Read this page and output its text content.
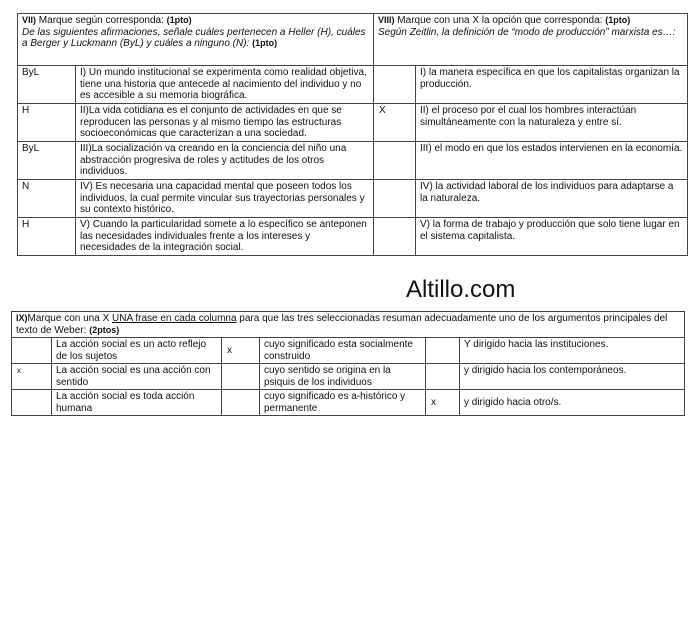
VII) Marque según corresponda: (1pto)
De las siguientes afirmaciones, señale cuáles pertenecen a Heller (H), cuáles a Berger y Luckmann (ByL) y cuáles a ninguno (N): (1pto)		VIII) Marque con una X la opción que corresponda: (1pto)
Según Zeitlin, la definición de “modo de producción” marxista es…:	
ByL	I) Un mundo institucional se experimenta como realidad objetiva, tiene una historia que antecede al nacimiento del individuo y no es accesible a su memoria biográfica.		I) la manera específica en que los capitalistas organizan la producción.
H	II)La vida cotidiana es el conjunto de actividades en que se reproducen las personas y al mismo tiempo las estructuras socioeconómicas que caracterizan a una sociedad.	X	II) el proceso por el cual los hombres interactúan simultáneamente con la naturaleza y entre sí.
ByL	III)La socialización va creando en la conciencia del niño una abstracción progresiva de roles y actitudes de los otros individuos.		III) el modo en que los estados intervienen en la economía.
N	IV) Es necesaria una capacidad mental que poseen todos los individuos, la cual permite vincular sus trayectorias personales y su contexto histórico.		IV) la actividad laboral de los individuos para adaptarse a la naturaleza.
H	V) Cuando la particularidad somete a lo específico se anteponen las necesidades individuales frente a los intereses y necesidades de la integración social.		V) la forma de trabajo y producción que solo tiene lugar en el sistema capitalista.
Altillo.com
IX)Marque con una X UNA frase en cada columna para que las tres seleccionadas resuman adecuadamente uno de los argumentos principales del texto de Weber: (2ptos)					
	La acción social es un acto reflejo de los sujetos	x	cuyo significado esta socialmente construido		Y dirigido hacia las instituciones.
x	La acción social es una acción con sentido		cuyo sentido se origina en la psiquis de los individuos		y dirigido hacia los contemporáneos.
	La acción social es toda acción humana		cuyo significado es a-histórico y permanente	x	y dirigido hacia otro/s.
